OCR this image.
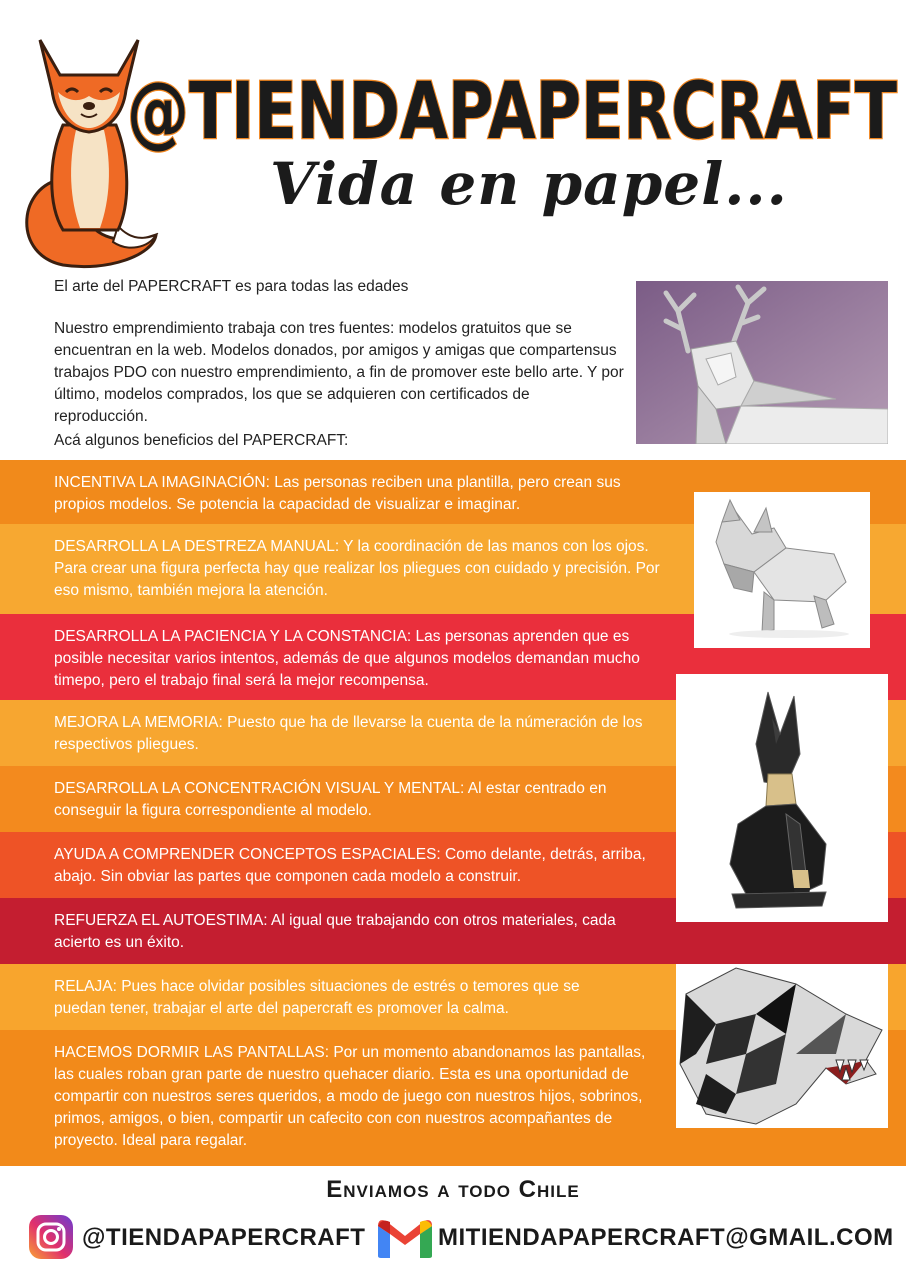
@TIENDAPAPERCRAFT
Vida en papel...
El arte del PAPERCRAFT es para todas las edades
Nuestro emprendimiento trabaja con tres fuentes: modelos gratuitos que se encuentran en la web. Modelos donados, por amigos y amigas que compartensus trabajos PDO con nuestro emprendimiento, a fin de promover este bello arte. Y por último, modelos comprados, los que se adquieren con certificados de reproducción.
Acá algunos beneficios del PAPERCRAFT:
INCENTIVA LA IMAGINACIÓN: Las personas reciben una plantilla, pero crean sus propios modelos. Se potencia la capacidad de visualizar e imaginar.
DESARROLLA LA DESTREZA MANUAL: Y la coordinación de las manos con los ojos. Para crear una figura perfecta hay que realizar los pliegues con cuidado y precisión. Por eso mismo, también mejora la atención.
DESARROLLA LA PACIENCIA Y LA CONSTANCIA: Las personas aprenden que es posible necesitar varios intentos, además de que algunos modelos demandan mucho timepo, pero el trabajo final será la mejor recompensa.
MEJORA LA MEMORIA: Puesto que ha de llevarse la cuenta de la númeración de los respectivos pliegues.
DESARROLLA LA CONCENTRACIÓN VISUAL Y MENTAL: Al estar centrado en conseguir la figura correspondiente al modelo.
AYUDA A COMPRENDER CONCEPTOS ESPACIALES: Como delante, detrás, arriba, abajo. Sin obviar las partes que componen cada modelo a construir.
REFUERZA EL AUTOESTIMA: Al igual que trabajando con otros materiales, cada acierto es un éxito.
RELAJA: Pues hace olvidar posibles situaciones de estrés o temores que se puedan tener, trabajar el arte del papercraft es promover la calma.
HACEMOS DORMIR LAS PANTALLAS: Por un momento abandonamos las pantallas, las cuales roban gran parte de nuestro quehacer diario. Esta es una oportunidad de compartir con nuestros seres queridos, a modo de juego con nuestros hijos, sobrinos, primos, amigos, o bien, compartir un cafecito con con nuestros acompañantes de proyecto. Ideal para regalar.
Enviamos a todo Chile
@TIENDAPAPERCRAFT	MITIENDAPAPERCRAFT@GMAIL.COM
